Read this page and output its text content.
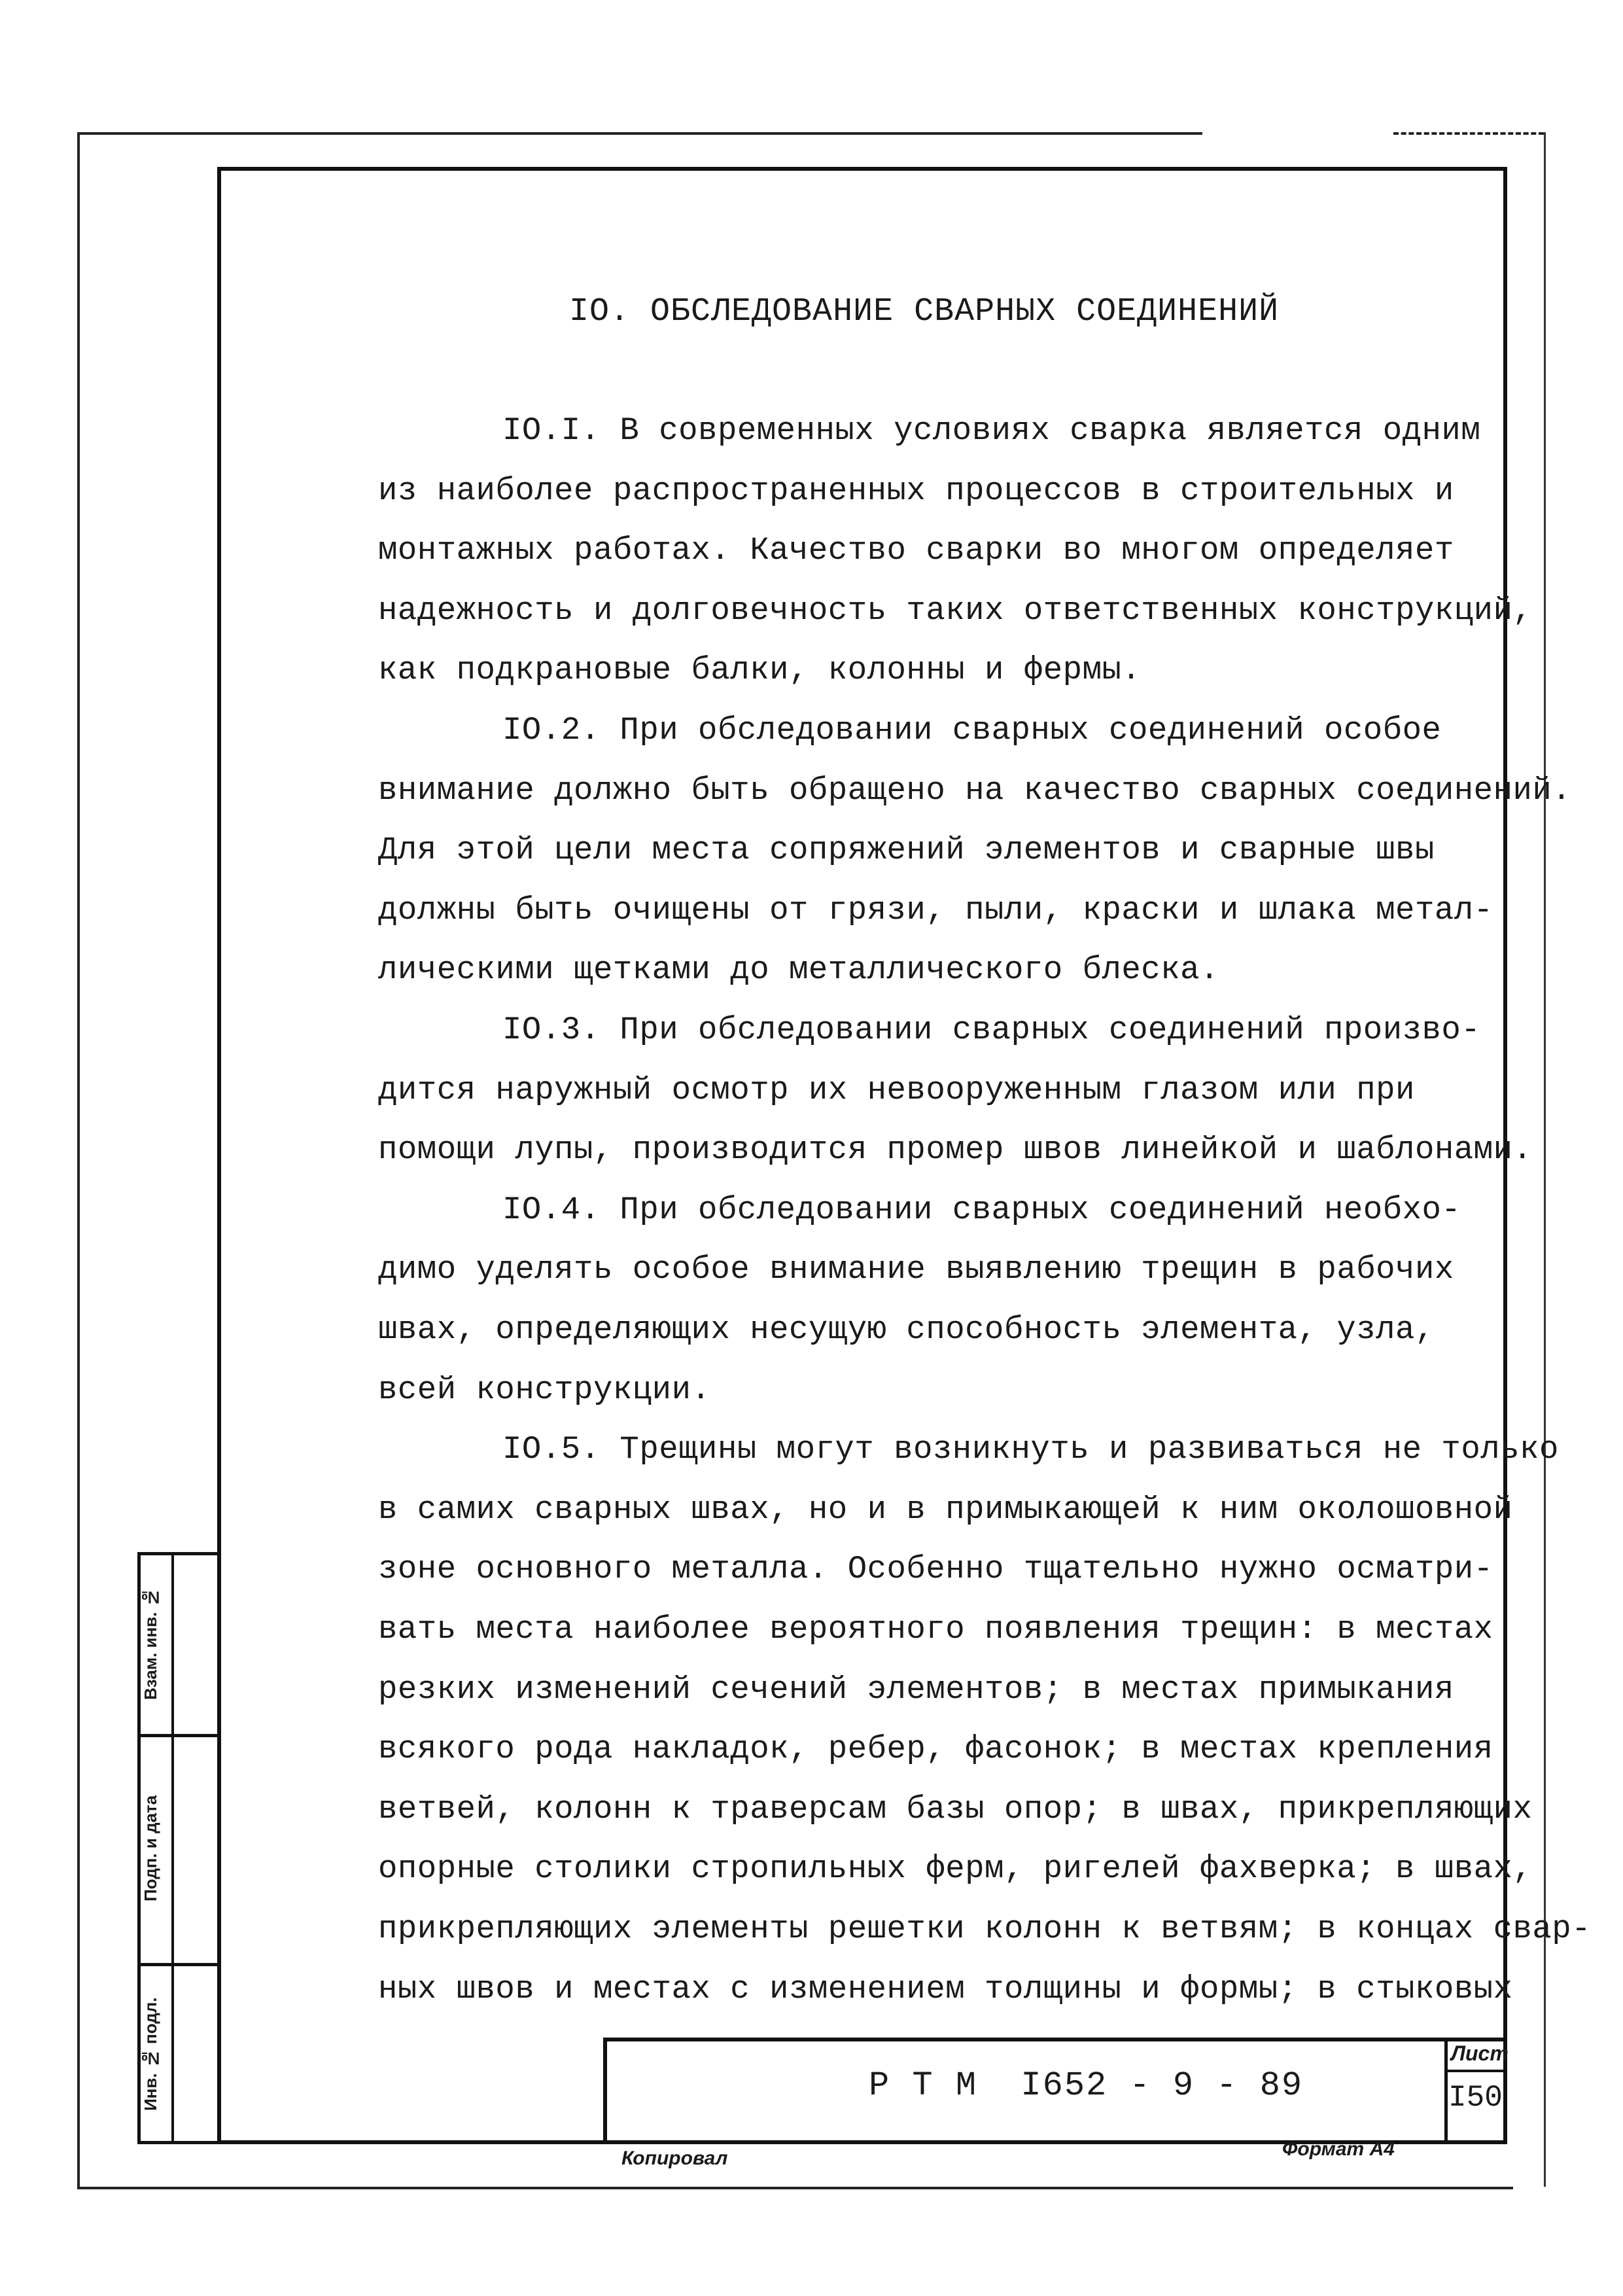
IO. ОБСЛЕДОВАНИЕ СВАРНЫХ СОЕДИНЕНИЙ
IO.I. В современных условиях сварка является одним
из наиболее распространенных процессов в строительных и
монтажных работах. Качество сварки во многом определяет
надежность и долговечность таких ответственных конструкций,
как подкрановые балки, колонны и фермы.
IO.2. При обследовании сварных соединений особое
внимание должно быть обращено на качество сварных соединений.
Для этой цели места сопряжений элементов и сварные швы
должны быть очищены от грязи, пыли, краски и шлака метал-
лическими щетками до металлического блеска.
IO.3. При обследовании сварных соединений произво-
дится наружный осмотр их невооруженным глазом или при
помощи лупы, производится промер швов линейкой и шаблонами.
IO.4. При обследовании сварных соединений необхо-
димо уделять особое внимание выявлению трещин в рабочих
швах, определяющих несущую способность элемента, узла,
всей конструкции.
IO.5. Трещины могут возникнуть и развиваться не только
в самих сварных швах, но и в примыкающей к ним околошовной
зоне основного металла. Особенно тщательно нужно осматри-
вать места наиболее вероятного появления трещин: в местах
резких изменений сечений элементов; в местах примыкания
всякого рода накладок, ребер, фасонок; в местах крепления
ветвей, колонн к траверсам базы опор; в швах, прикрепляющих
опорные столики стропильных ферм, ригелей фахверка; в швах,
прикрепляющих элементы решетки колонн к ветвям; в концах свар-
ных швов и местах с изменением толщины и формы; в стыковых
Взам. инв. №
Подп. и дата
Инв. № подл.	Р Т М  I652 - 9 - 89
Лист
I50
Копировал	Формат А4
